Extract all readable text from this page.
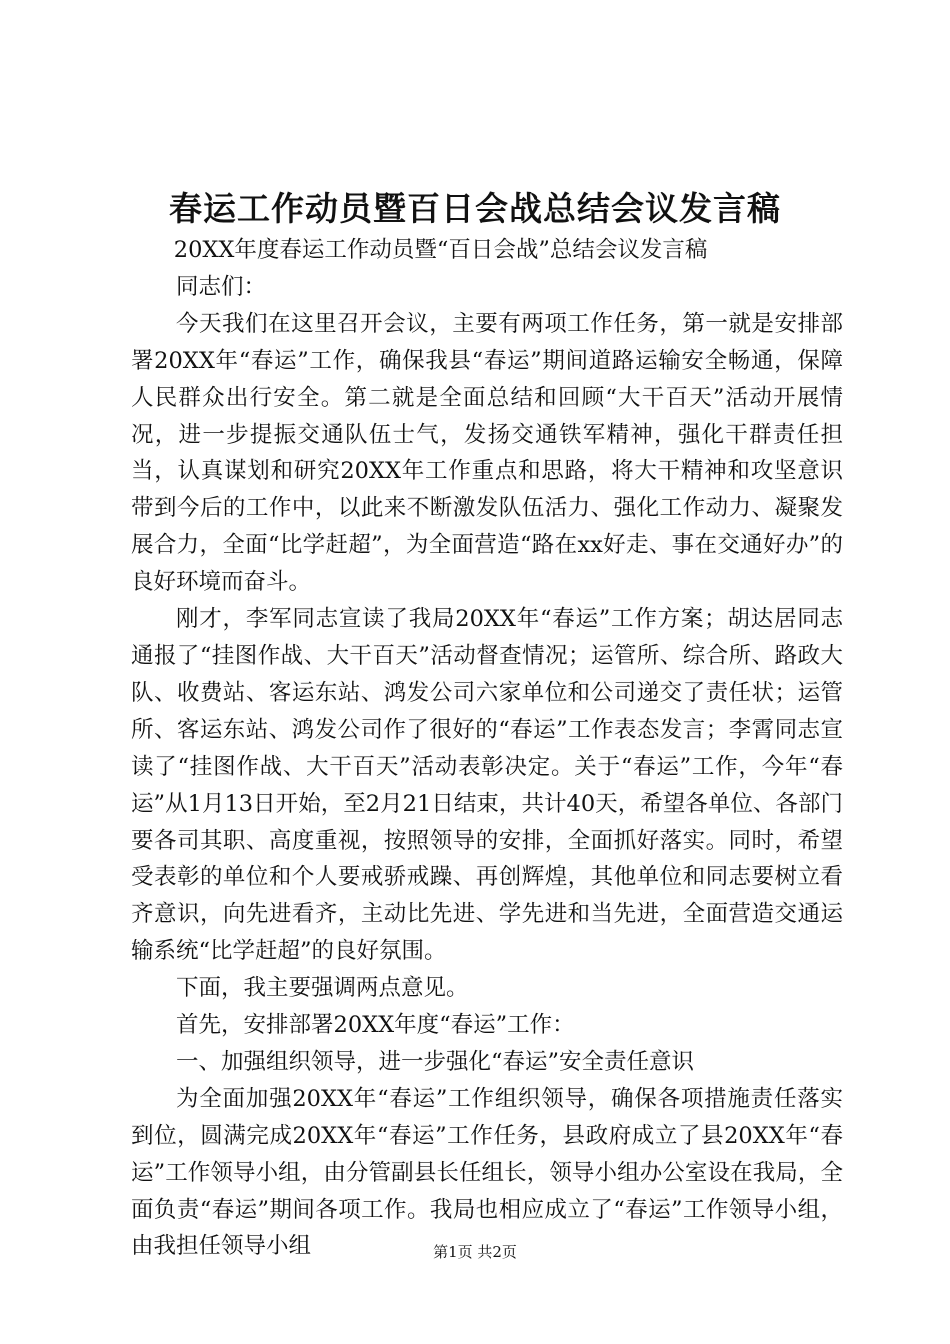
春运工作动员暨百日会战总结会议发言稿

20XX年度春运工作动员暨“百日会战”总结会议发言稿

同志们：

今天我们在这里召开会议，主要有两项工作任务，第一就是安排部署20XX年“春运”工作，确保我县“春运”期间道路运输安全畅通，保障人民群众出行安全。第二就是全面总结和回顾“大干百天”活动开展情况，进一步提振交通队伍士气，发扬交通铁军精神，强化干群责任担当，认真谋划和研究20XX年工作重点和思路，将大干精神和攻坚意识带到今后的工作中，以此来不断激发队伍活力、强化工作动力、凝聚发展合力，全面“比学赶超”，为全面营造“路在xx好走、事在交通好办”的良好环境而奋斗。

刚才，李军同志宣读了我局20XX年“春运”工作方案；胡达居同志通报了“挂图作战、大干百天”活动督查情况；运管所、综合所、路政大队、收费站、客运东站、鸿发公司六家单位和公司递交了责任状；运管所、客运东站、鸿发公司作了很好的“春运”工作表态发言；李霄同志宣读了“挂图作战、大干百天”活动表彰决定。关于“春运”工作，今年“春运”从1月13日开始，至2月21日结束，共计40天，希望各单位、各部门要各司其职、高度重视，按照领导的安排，全面抓好落实。同时，希望受表彰的单位和个人要戒骄戒躁、再创辉煌，其他单位和同志要树立看齐意识，向先进看齐，主动比先进、学先进和当先进，全面营造交通运输系统“比学赶超”的良好氛围。

下面，我主要强调两点意见。

首先，安排部署20XX年度“春运”工作：

一、加强组织领导，进一步强化“春运”安全责任意识

为全面加强20XX年“春运”工作组织领导，确保各项措施责任落实到位，圆满完成20XX年“春运”工作任务，县政府成立了县20XX年“春运”工作领导小组，由分管副县长任组长，领导小组办公室设在我局，全面负责“春运”期间各项工作。我局也相应成立了“春运”工作领导小组，由我担任领导小组	第1页 共2页
